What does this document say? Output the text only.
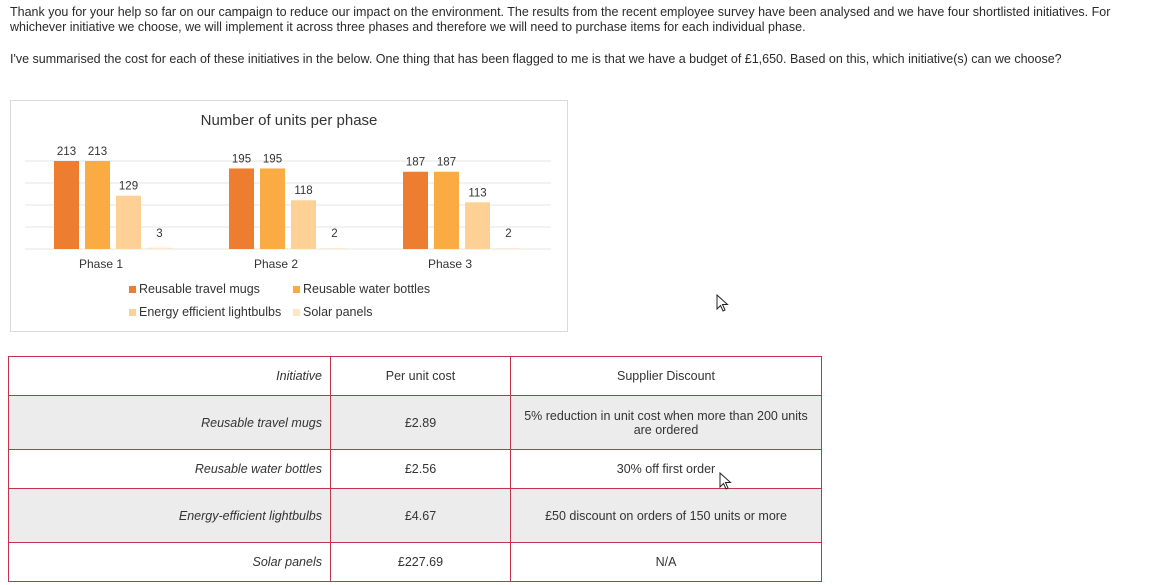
Thank you for your help so far on our campaign to reduce our impact on the environment. The results from the recent employee survey have been analysed and we have four shortlisted initiatives. For whichever initiative we choose, we will implement it across three phases and therefore we will need to purchase items for each individual phase.
I've summarised the cost for each of these initiatives in the below. One thing that has been flagged to me is that we have a budget of £1,650. Based on this, which initiative(s) can we choose?
Number of units per phase
213 213
129
3
195 195
118
2
187 187
113
2
Phase 1	Phase 2	Phase 3
Reusable travel mugs	Reusable water bottles
Energy efficient lightbulbs Solar panels
Initiative	Per unit cost	Supplier Discount
Reusable travel mugs	£2.89	5% reduction in unit cost when more than 200 units are ordered
Reusable water bottles	£2.56	30% off first order
Energy-efficient lightbulbs	£4.67	£50 discount on orders of 150 units or more
Solar panels	£227.69	N/A
